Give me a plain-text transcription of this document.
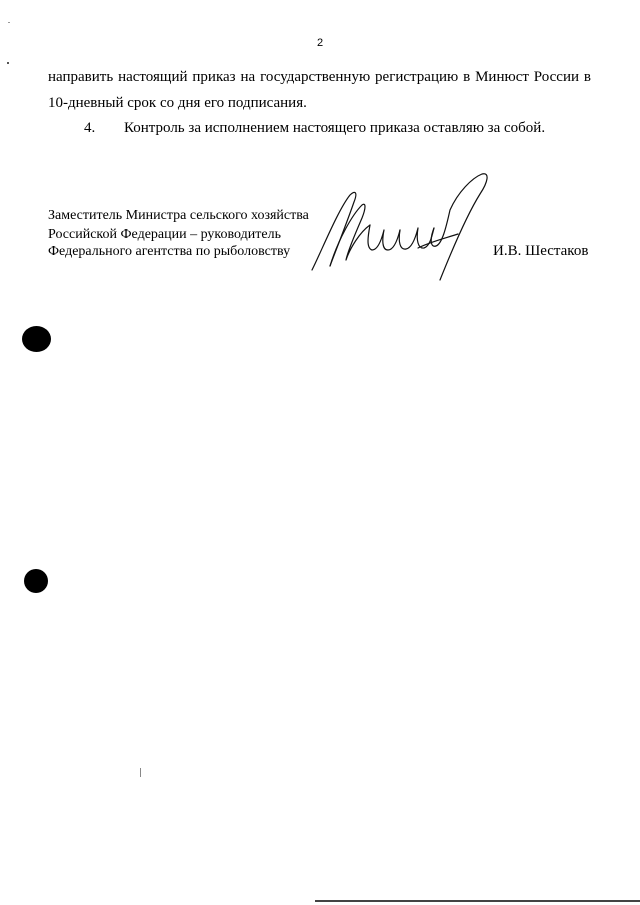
2
направить настоящий приказ на государственную регистрацию в Минюст России в
10-дневный срок со дня его подписания.
4. Контроль за исполнением настоящего приказа оставляю за собой.
Заместитель Министра сельского хозяйства
Российской Федерации – руководитель
Федерального агентства по рыболовству	И.В. Шестаков
